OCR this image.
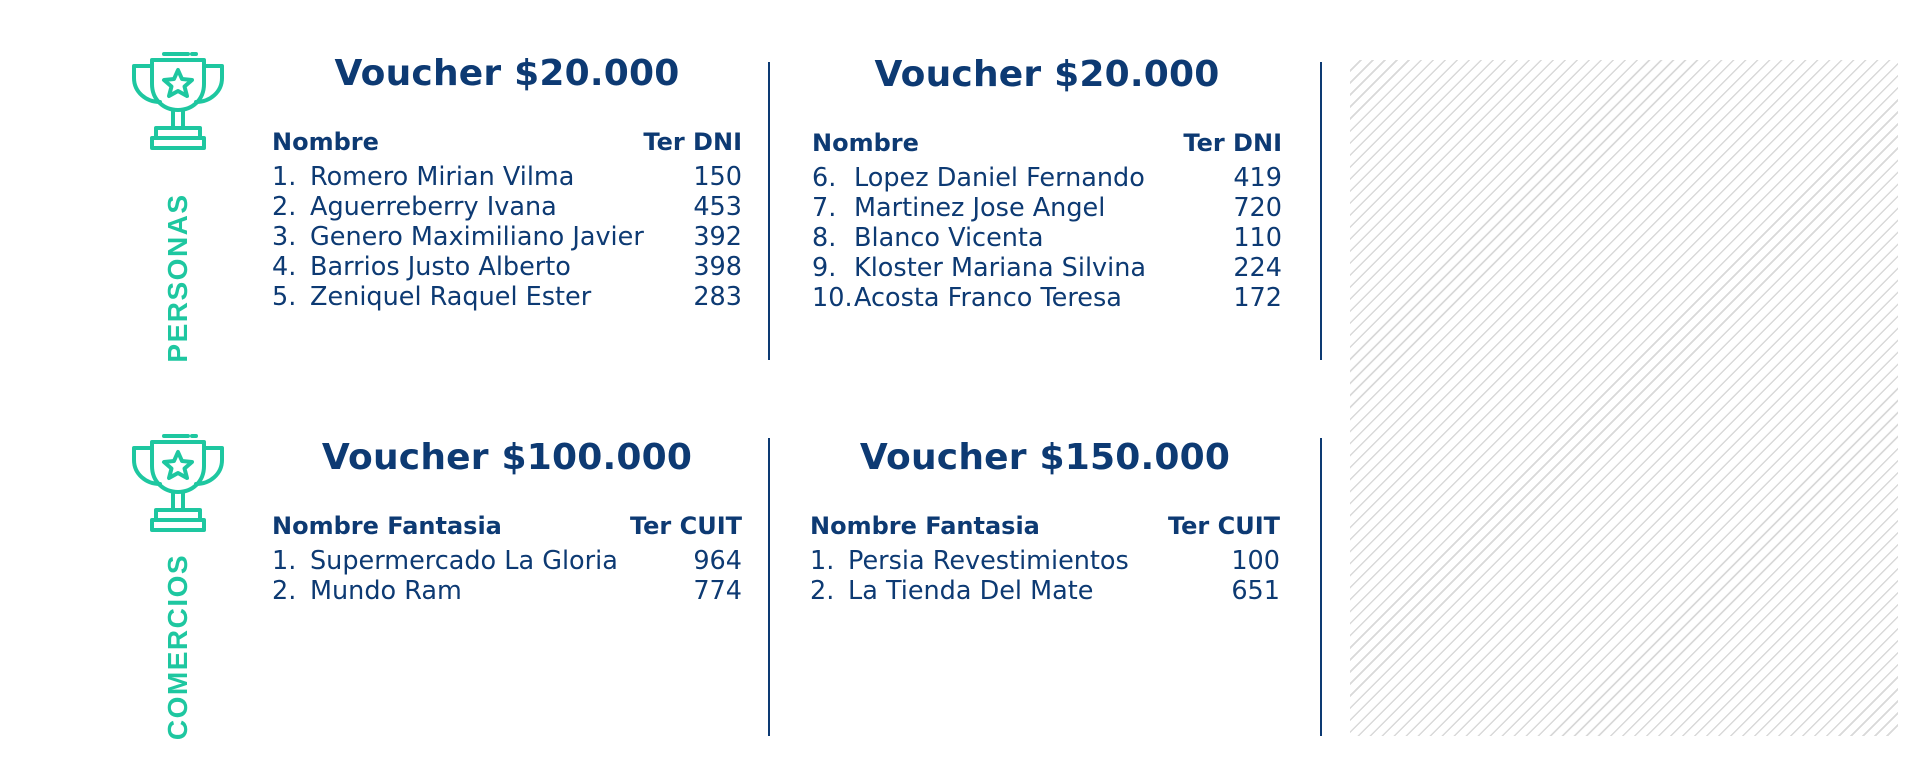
PERSONAS
Voucher $20.000
Nombre	Ter DNI
1. Romero Mirian Vilma	150
2. Aguerreberry Ivana	453
3. Genero Maximiliano Javier	392
4. Barrios Justo Alberto	398
5. Zeniquel Raquel Ester	283
Voucher $20.000
Nombre	Ter DNI
6. Lopez Daniel Fernando	419
7. Martinez Jose Angel	720
8. Blanco Vicenta	110
9. Kloster Mariana Silvina	224
10. Acosta Franco Teresa	172
COMERCIOS
Voucher $100.000
Nombre Fantasia	Ter CUIT
1. Supermercado La Gloria	964
2. Mundo Ram	774
Voucher $150.000
Nombre Fantasia	Ter CUIT
1. Persia Revestimientos	100
2. La Tienda Del Mate	651
